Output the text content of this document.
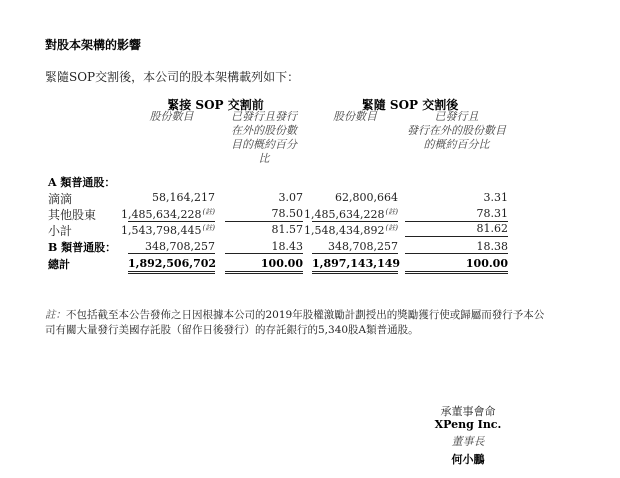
對股本架構的影響
緊隨SOP交割後，本公司的股本架構載列如下：
緊接 SOP 交割前	緊隨 SOP 交割後
股份數目	已發行且發行
在外的股份數
目的概約百分
比
股份數目	已發行且
發行在外的股份數目
的概約百分比
A 類普通股：
滴滴	58,164,217	3.07	62,800,664	3.31
其他股東 $1,485,634,228^{(註)}$	78.50 $1,485,634,228^{(註)}$	78.31
小計	$1,543,798,445^{(註)}$	81.57 $1,548,434,892^{(註)}$	81.62
B 類普通股：	348,708,257	18.43	348,708,257	18.38
總計	1,892,506,702	100.00 1,897,143,149	100.00
註：不包括截至本公告發佈之日因根據本公司的2019年股權激勵計劃授出的獎勵獲行使或歸屬而發行予本公
司有關大量發行美國存託股（留作日後發行）的存託銀行的5,340股A類普通股。
承董事會命
XPeng Inc.
董事長
何小鵬
